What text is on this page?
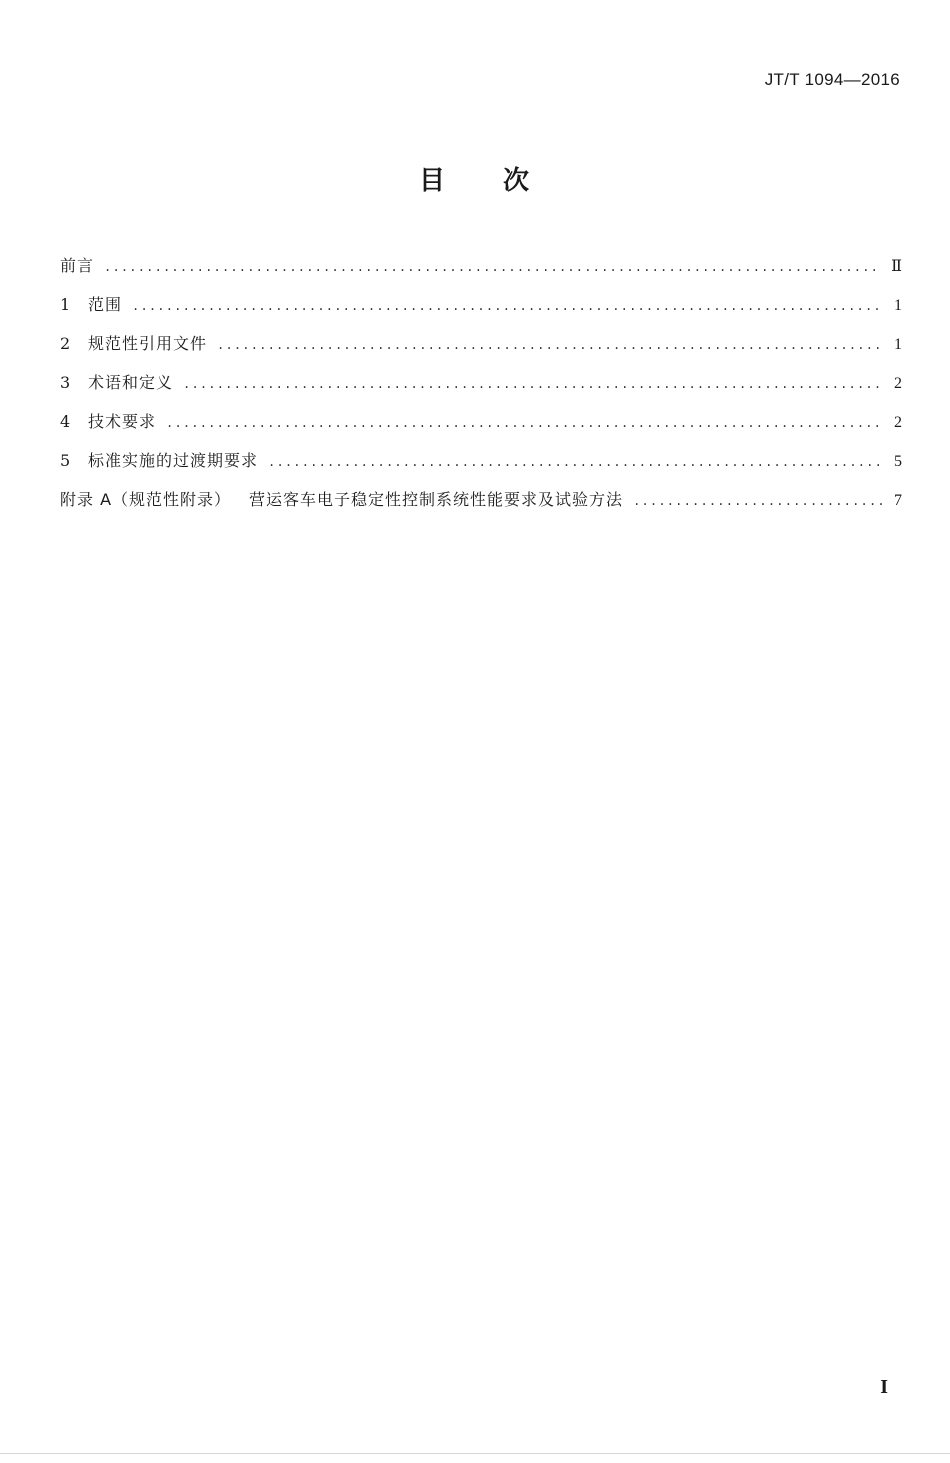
JT/T 1094—2016
目 次
前言 .....	Ⅱ
1	范围 .....	1
2	规范性引用文件 .....	1
3	术语和定义 .....	2
4	技术要求 .....	2
5	标准实施的过渡期要求 .....	5
附录 A（规范性附录） 营运客车电子稳定性控制系统性能要求及试验方法 .....	7
I
